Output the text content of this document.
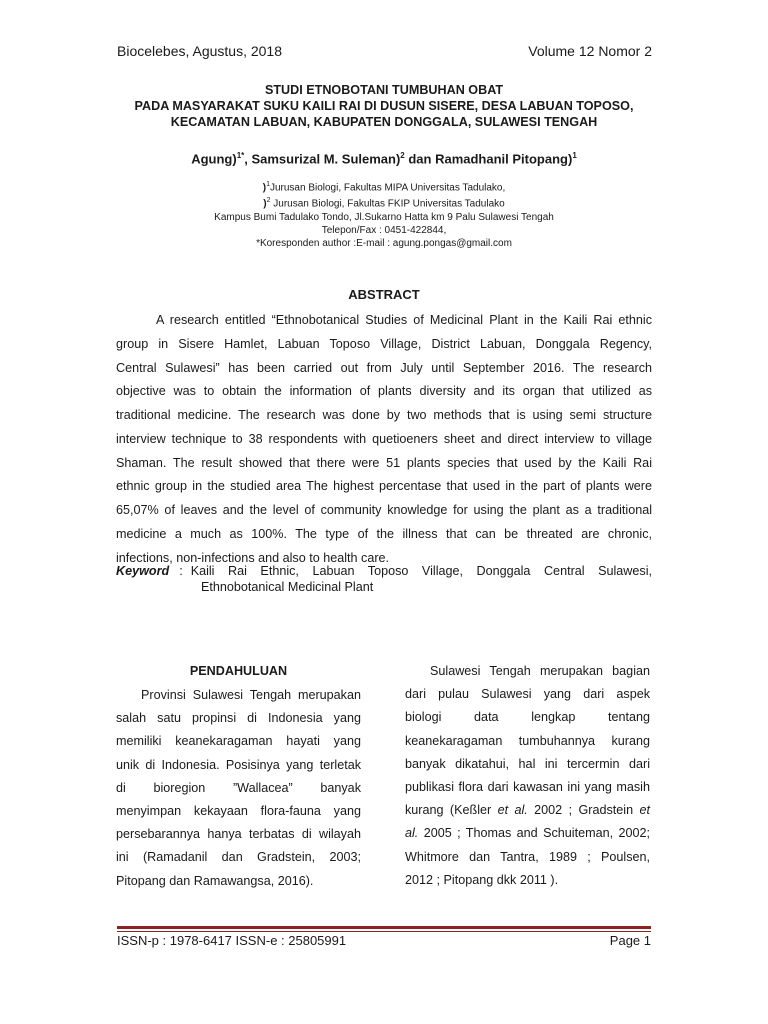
Biocelebes, Agustus, 2018	Volume 12 Nomor 2
STUDI ETNOBOTANI TUMBUHAN OBAT
PADA MASYARAKAT SUKU KAILI RAI DI DUSUN SISERE, DESA LABUAN TOPOSO,
KECAMATAN LABUAN, KABUPATEN DONGGALA, SULAWESI TENGAH
Agung)$^{1*}$, Samsurizal M. Suleman)$^2$ dan Ramadhanil Pitopang)$^1$
)$^1$Jurusan Biologi, Fakultas MIPA Universitas Tadulako,
)$^2$ Jurusan Biologi, Fakultas FKIP Universitas Tadulako
Kampus Bumi Tadulako Tondo, Jl.Sukarno Hatta km 9 Palu Sulawesi Tengah
Telepon/Fax : 0451-422844,
*Koresponden author :E-mail : agung.pongas@gmail.com
ABSTRACT
A research entitled “Ethnobotanical Studies of Medicinal Plant in the Kaili Rai ethnic
group in Sisere Hamlet, Labuan Toposo Village, District Labuan, Donggala Regency,
Central Sulawesi” has been carried out from July until September 2016. The research
objective was to obtain the information of plants diversity and its organ that utilized as
traditional medicine. The research was done by two methods that is using semi structure
interview technique to 38 respondents with quetioeners sheet and direct interview to village
Shaman. The result showed that there were 51 plants species that used by the Kaili Rai
ethnic group in the studied area The highest percentase that used in the part of plants were
65,07% of leaves and the level of community knowledge for using the plant as a traditional
medicine a much as 100%. The type of the illness that can be threated are chronic,
infections, non-infections and also to health care.
Keyword : Kaili Rai Ethnic, Labuan Toposo Village, Donggala Central Sulawesi,
Ethnobotanical Medicinal Plant
PENDAHULUAN
Provinsi Sulawesi Tengah merupakan
salah satu propinsi di Indonesia yang
memiliki keanekaragaman hayati yang
unik di Indonesia. Posisinya yang terletak
di bioregion ”Wallacea” banyak
menyimpan kekayaan flora-fauna yang
persebarannya hanya terbatas di wilayah
ini (Ramadanil dan Gradstein, 2003;
Pitopang dan Ramawangsa, 2016).
Sulawesi Tengah merupakan bagian
dari pulau Sulawesi yang dari aspek
biologi data lengkap tentang
keanekaragaman tumbuhannya kurang
banyak dikatahui, hal ini tercermin dari
publikasi flora dari kawasan ini yang masih
kurang (Keßler et al. 2002 ; Gradstein et
al. 2005 ; Thomas and Schuiteman, 2002;
Whitmore dan Tantra, 1989 ; Poulsen,
2012 ; Pitopang dkk 2011 ).
ISSN-p : 1978-6417 ISSN-e : 25805991	Page 1
